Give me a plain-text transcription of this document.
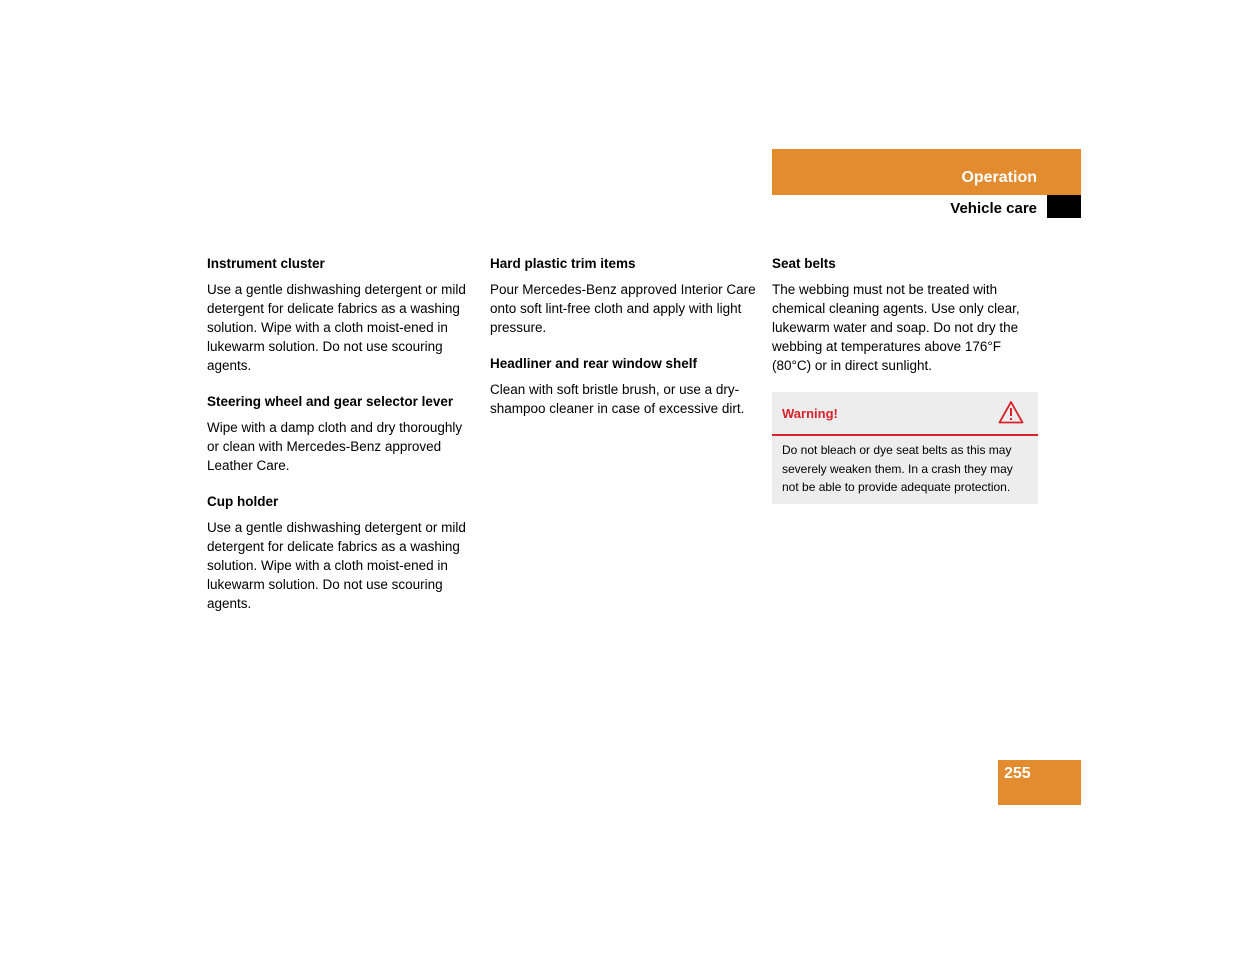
Operation
Vehicle care
Instrument cluster
Use a gentle dishwashing detergent or mild detergent for delicate fabrics as a washing solution. Wipe with a cloth moist-ened in lukewarm solution. Do not use scouring agents.
Steering wheel and gear selector lever
Wipe with a damp cloth and dry thoroughly or clean with Mercedes-Benz approved Leather Care.
Cup holder
Use a gentle dishwashing detergent or mild detergent for delicate fabrics as a washing solution. Wipe with a cloth moist-ened in lukewarm solution. Do not use scouring agents.
Hard plastic trim items
Pour Mercedes-Benz approved Interior Care onto soft lint-free cloth and apply with light pressure.
Headliner and rear window shelf
Clean with soft bristle brush, or use a dry-shampoo cleaner in case of excessive dirt.
Seat belts
The webbing must not be treated with chemical cleaning agents. Use only clear, lukewarm water and soap. Do not dry the webbing at temperatures above 176°F (80°C) or in direct sunlight.
Warning!
Do not bleach or dye seat belts as this may severely weaken them. In a crash they may not be able to provide adequate protection.
255
